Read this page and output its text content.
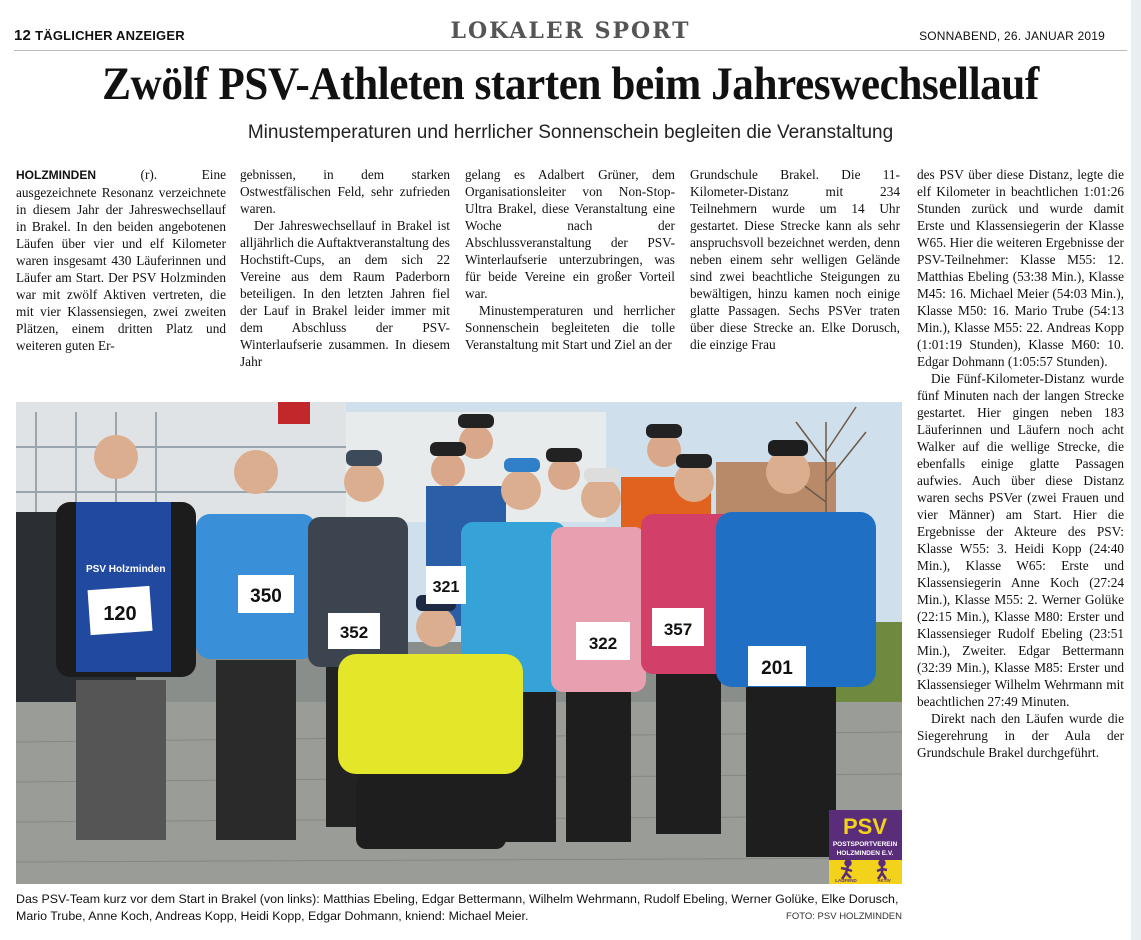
12 TÄGLICHER ANZEIGER	LOKALER SPORT	SONNABEND, 26. JANUAR 2019
Zwölf PSV-Athleten starten beim Jahreswechsellauf
Minustemperaturen und herrlicher Sonnenschein begleiten die Veranstaltung

HOLZMINDEN (r). Eine ausgezeichnete Resonanz verzeichnete in diesem Jahr der Jahreswechsellauf in Brakel. In den beiden angebotenen Läufen über vier und elf Kilometer waren insgesamt 430 Läuferinnen und Läufer am Start. Der PSV Holzminden war mit zwölf Aktiven vertreten, die mit vier Klassensiegen, zwei zweiten Plätzen, einem dritten Platz und weiteren guten Er-

gebnissen, in dem starken Ostwestfälischen Feld, sehr zufrieden waren.

Der Jahreswechsellauf in Brakel ist alljährlich die Auftaktveranstaltung des Hochstift-Cups, an dem sich 22 Vereine aus dem Raum Paderborn beteiligen. In den letzten Jahren fiel der Lauf in Brakel leider immer mit dem Abschluss der PSV-Winterlaufserie zusammen. In diesem Jahr

gelang es Adalbert Grüner, dem Organisationsleiter von Non-Stop-Ultra Brakel, diese Veranstaltung eine Woche nach der Abschlussveranstaltung der PSV-Winterlaufserie unterzubringen, was für beide Vereine ein großer Vorteil war.

Minustemperaturen und herrlicher Sonnenschein begleiteten die tolle Veranstaltung mit Start und Ziel an der

Grundschule Brakel. Die 11-Kilometer-Distanz mit 234 Teilnehmern wurde um 14 Uhr gestartet. Diese Strecke kann als sehr anspruchsvoll bezeichnet werden, denn neben einem sehr welligen Gelände sind zwei beachtliche Steigungen zu bewältigen, hinzu kamen noch einige glatte Passagen. Sechs PSVer traten über diese Strecke an. Elke Dorusch, die einzige Frau

des PSV über diese Distanz, legte die elf Kilometer in beachtlichen 1:01:26 Stunden zurück und wurde damit Erste und Klassensiegerin der Klasse W65. Hier die weiteren Ergebnisse der PSV-Teilnehmer: Klasse M55: 12. Matthias Ebeling (53:38 Min.), Klasse M45: 16. Michael Meier (54:03 Min.), Klasse M50: 16. Mario Trube (54:13 Min.), Klasse M55: 22. Andreas Kopp (1:01:19 Stunden), Klasse M60: 10. Edgar Dohmann (1:05:57 Stunden).

Die Fünf-Kilometer-Distanz wurde fünf Minuten nach der langen Strecke gestartet. Hier gingen neben 183 Läuferinnen und Läufern noch acht Walker auf die wellige Strecke, die ebenfalls einige glatte Passagen aufwies. Auch über diese Distanz waren sechs PSVer (zwei Frauen und vier Männer) am Start. Hier die Ergebnisse der Akteure des PSV: Klasse W55: 3. Heidi Kopp (24:40 Min.), Klasse W65: Erste und Klassensiegerin Anne Koch (27:24 Min.), Klasse M55: 2. Werner Golüke (22:15 Min.), Klasse M80: Erster und Klassensieger Rudolf Ebeling (23:51 Min.), Zweiter. Edgar Bettermann (32:39 Min.), Klasse M85: Erster und Klassensieger Wilhelm Wehrmann mit beachtlichen 27:49 Minuten.

Direkt nach den Läufen wurde die Siegerehrung in der Aula der Grundschule Brakel durchgeführt.

PSV Holzminden
120
350
352
321
322
357
201
PSV
POSTSPORTVEREIN
HOLZMINDEN E.V.
LAUFEND	AKTIV
Das PSV-Team kurz vor dem Start in Brakel (von links): Matthias Ebeling, Edgar Bettermann, Wilhelm Wehrmann, Rudolf Ebeling, Werner Golüke, Elke Dorusch, Mario Trube, Anne Koch, Andreas Kopp, Heidi Kopp, Edgar Dohmann, kniend: Michael Meier.	FOTO: PSV HOLZMINDEN
